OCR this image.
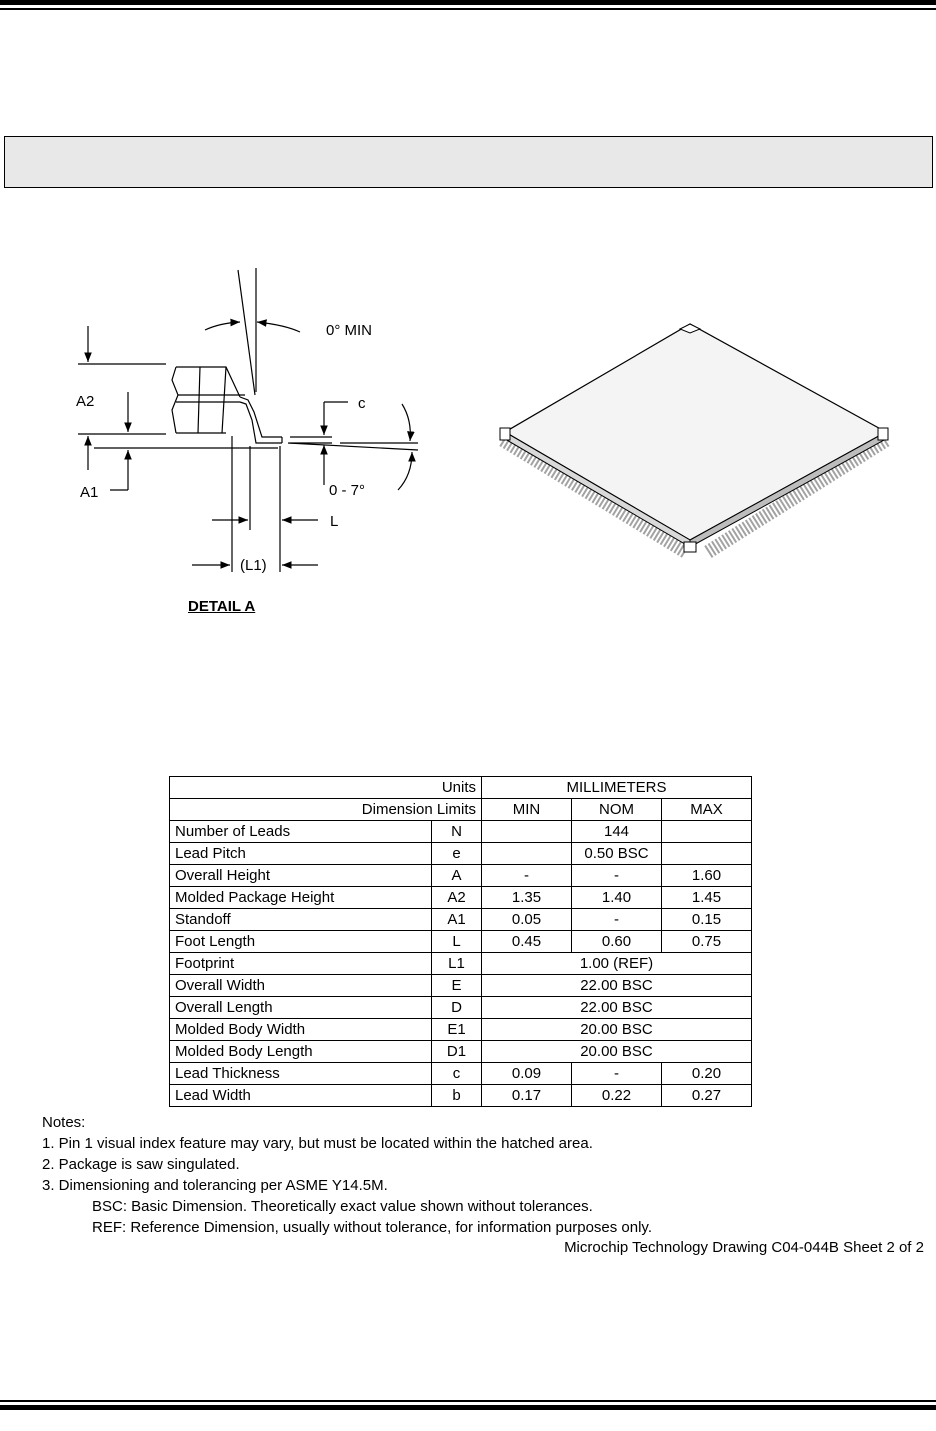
0° MIN
A2
A1
c
0 - 7°
L
(L1)
DETAIL A
Units		MILLIMETERS		
Dimension Limits		MIN	NOM	MAX
Number of Leads	N		144	
Lead Pitch	e		0.50 BSC	
Overall Height	A	-	-	1.60
Molded Package Height	A2	1.35	1.40	1.45
Standoff	A1	0.05	-	0.15
Foot Length	L	0.45	0.60	0.75
Footprint	L1	1.00 (REF)		
Overall Width	E	22.00 BSC		
Overall Length	D	22.00 BSC		
Molded Body Width	E1	20.00 BSC		
Molded Body Length	D1	20.00 BSC		
Lead Thickness	c	0.09	-	0.20
Lead Width	b	0.17	0.22	0.27
Notes:
1. Pin 1 visual index feature may vary, but must be located within the hatched area.
2. Package is saw singulated.
3. Dimensioning and tolerancing per ASME Y14.5M.
BSC: Basic Dimension. Theoretically exact value shown without tolerances.
REF: Reference Dimension, usually without tolerance, for information purposes only.
Microchip Technology Drawing C04-044B Sheet 2 of 2
